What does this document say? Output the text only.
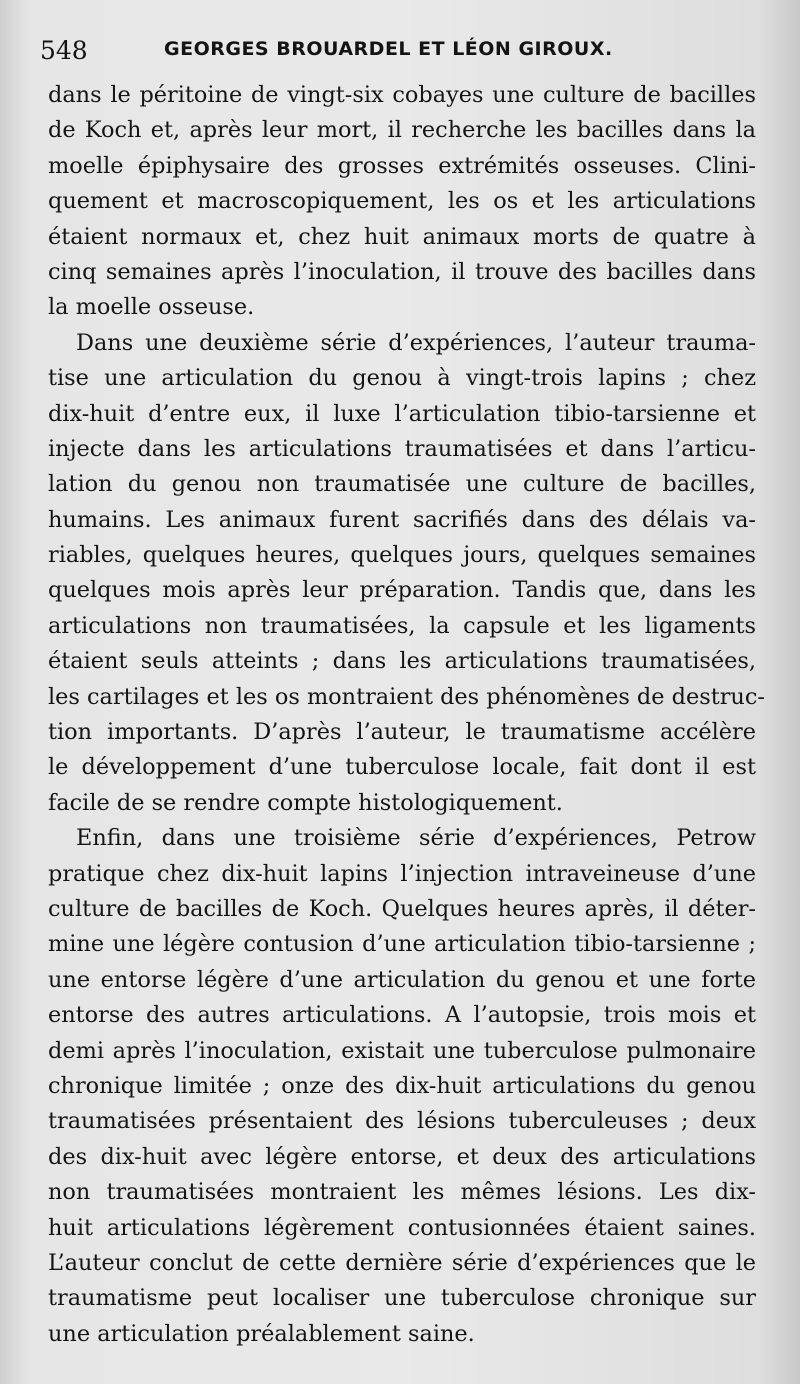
548	GEORGES BROUARDEL ET LÉON GIROUX.
dans le péritoine de vingt-six cobayes une culture de bacilles
de Koch et, après leur mort, il recherche les bacilles dans la
moelle épiphysaire des grosses extrémités osseuses. Clini-
quement et macroscopiquement, les os et les articulations
étaient normaux et, chez huit animaux morts de quatre à
cinq semaines après l’inoculation, il trouve des bacilles dans
la moelle osseuse.
Dans une deuxième série d’expériences, l’auteur trauma-
tise une articulation du genou à vingt-trois lapins ; chez
dix-huit d’entre eux, il luxe l’articulation tibio-tarsienne et
injecte dans les articulations traumatisées et dans l’articu-
lation du genou non traumatisée une culture de bacilles,
humains. Les animaux furent sacrifiés dans des délais va-
riables, quelques heures, quelques jours, quelques semaines
quelques mois après leur préparation. Tandis que, dans les
articulations non traumatisées, la capsule et les ligaments
étaient seuls atteints ; dans les articulations traumatisées,
les cartilages et les os montraient des phénomènes de destruc-
tion importants. D’après l’auteur, le traumatisme accélère
le développement d’une tuberculose locale, fait dont il est
facile de se rendre compte histologiquement.
Enfin, dans une troisième série d’expériences, Petrow
pratique chez dix-huit lapins l’injection intraveineuse d’une
culture de bacilles de Koch. Quelques heures après, il déter-
mine une légère contusion d’une articulation tibio-tarsienne ;
une entorse légère d’une articulation du genou et une forte
entorse des autres articulations. A l’autopsie, trois mois et
demi après l’inoculation, existait une tuberculose pulmonaire
chronique limitée ; onze des dix-huit articulations du genou
traumatisées présentaient des lésions tuberculeuses ; deux
des dix-huit avec légère entorse, et deux des articulations
non traumatisées montraient les mêmes lésions. Les dix-
huit articulations légèrement contusionnées étaient saines.
L’auteur conclut de cette dernière série d’expériences que le
traumatisme peut localiser une tuberculose chronique sur
une articulation préalablement saine.
